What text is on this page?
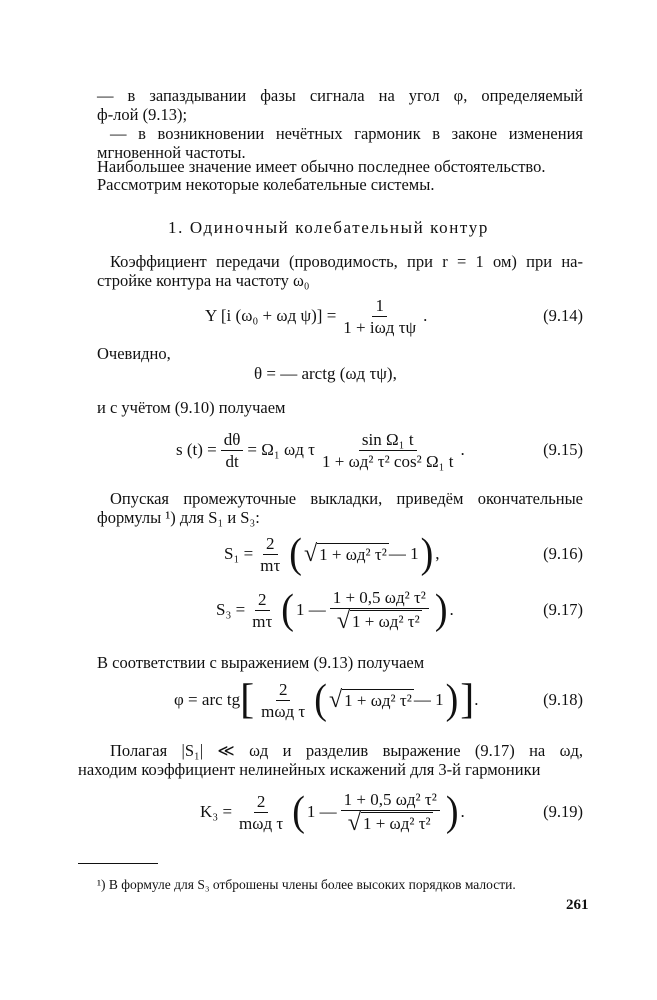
— в запаздывании фазы сигнала на угол φ, определяемый
ф-лой (9.13);
— в возникновении нечётных гармоник в законе изменения
мгновенной частоты.
Наибольшее значение имеет обычно последнее обстоятельство.
Рассмотрим некоторые колебательные системы.
1. Одиночный колебательный контур
Коэффициент передачи (проводимость, при r = 1 ом) при на-
стройке контура на частоту ω₀
Y [i (ω₀ + ωд $\psi)] = \frac{1}{\text{1 + iωд τψ}}$ .	(9.14)
Очевидно,
θ = — arctg (ωд τψ),
и с учётом (9.10) получаем
s $(t) = \frac{d\theta}{dt} = \Omega_1$ ωд τ $\frac{\text{sin Ω₁ t}}{\text{1 + ωд² τ² cos² Ω₁ t}}$ .	(9.15)
Опуская промежуточные выкладки, приведём окончательные
формулы ¹) для S₁ и S₃:
$S_1 = \frac{2}{m\tau}$ ( √ 1 + ωд² τ² — 1 ) ,	(9.16)
$S_3 = \frac{2}{m\tau}$ ( 1 — $\frac{\text{1 + 0,5 ωд² τ²}}{\text{√ 1 + ωд² τ²}}$ ) .	(9.17)
В соответствии с выражением (9.13) получаем
φ = arc tg [ $\frac{2}{\text{mωд τ}}$ ( √ 1 + ωд² τ² — 1 ) ] .	(9.18)
Полагая |S₁| ≪ ωд и разделив выражение (9.17) на ωд,
находим коэффициент нелинейных искажений для 3-й гармоники
$K_3 = \frac{2}{\text{mωд τ}}$ ( 1 — $\frac{\text{1 + 0,5 ωд² τ²}}{\text{√ 1 + ωд² τ²}}$ ) .	(9.19)
¹) В формуле для S₃ отброшены члены более высоких порядков малости.
261
